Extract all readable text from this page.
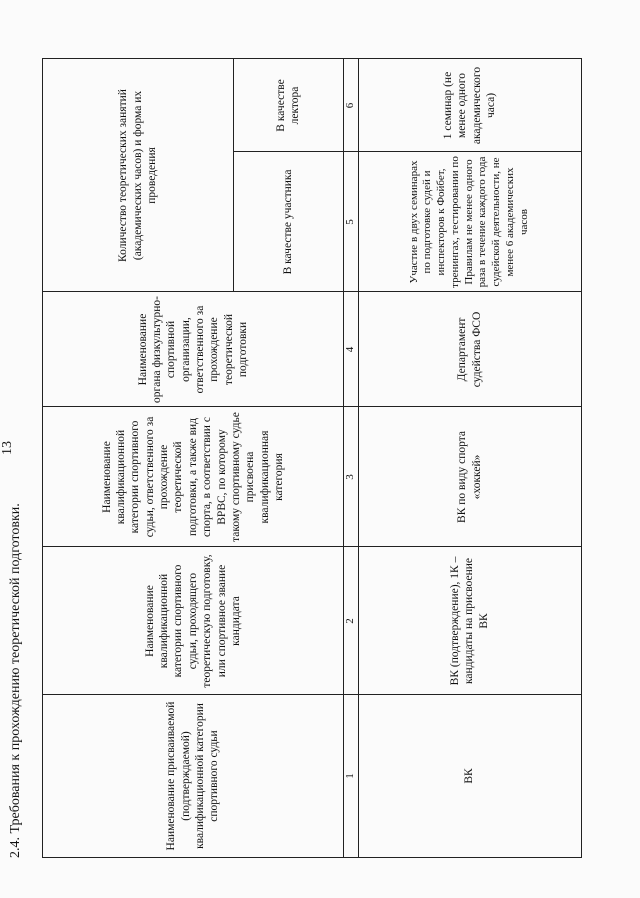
13
2.4. Требования к прохождению теоретической подготовки.	Наименование присваиваемой (подтверждаемой) квалификационной категории спортивного судьи
Наименование квалификационной категории спортивного судьи, проходящего теоретическую подготовку, или спортивное звание кандидата
Наименование квалификационной категории спортивного судьи, ответственного за прохождение теоретической подготовки, а также вид спорта, в соответствии с ВРВС, по которому такому спортивному судье присвоена квалификационная категория
Наименование органа физкультурно-спортивной организации, ответственного за прохождение теоретической подготовки
Количество теоретических занятий (академических часов) и форма их проведения	В качестве участника
В качестве лектора
1
2
3
4
5
6
ВК
ВК (подтверждение), 1К – кандидаты на присвоение ВК
ВК по виду спорта «хоккей»
Департамент судейства ФСО
Участие в двух семинарах по подготовке судей и инспекторов к Фойбет, тренингах, тестировании по Правилам не менее одного раза в течение каждого года судейской деятельности, не менее 6 академических часов
1 семинар (не менее одного академического часа)
